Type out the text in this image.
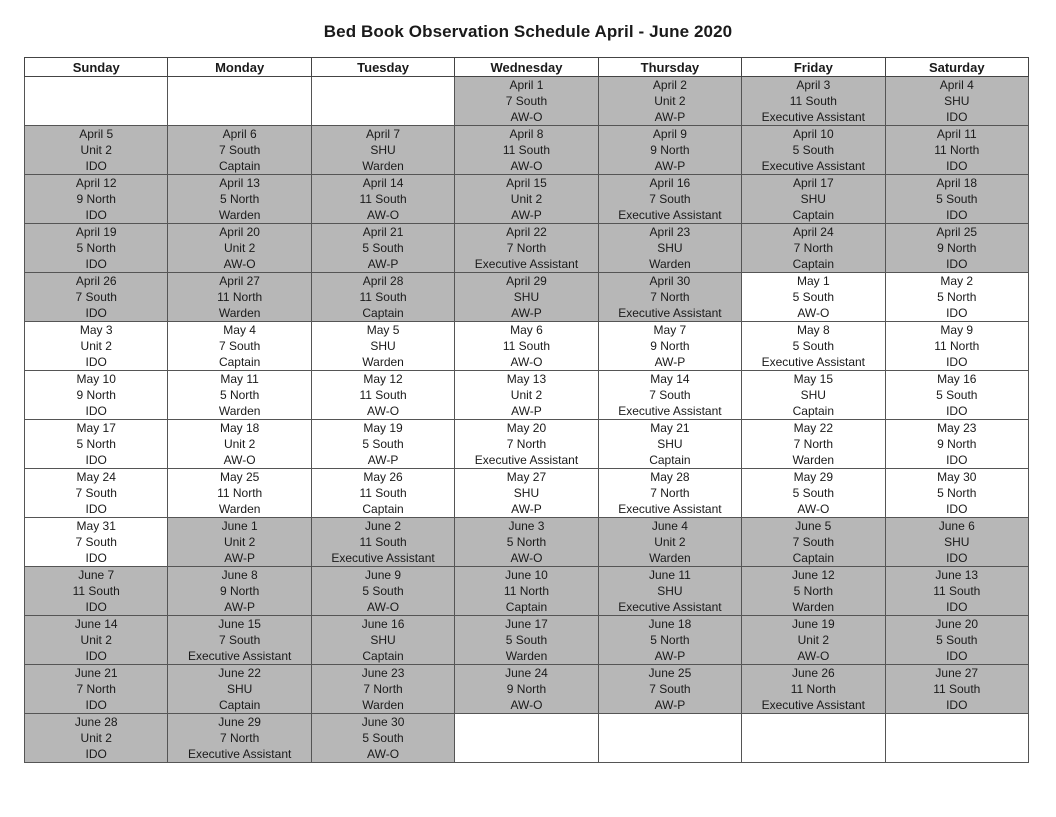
Bed Book Observation Schedule April - June 2020
Sunday	Monday	Tuesday	Wednesday	Thursday	Friday	Saturday

			April 1
7 South
AW-O	April 2
Unit 2
AW-P	April 3
11 South
Executive Assistant	April 4
SHU
IDO

April 5
Unit 2
IDO	April 6
7 South
Captain	April 7
SHU
Warden	April 8
11 South
AW-O	April 9
9 North
AW-P	April 10
5 South
Executive Assistant	April 11
11 North
IDO

April 12
9 North
IDO	April 13
5 North
Warden	April 14
11 South
AW-O	April 15
Unit 2
AW-P	April 16
7 South
Executive Assistant	April 17
SHU
Captain	April 18
5 South
IDO

April 19
5 North
IDO	April 20
Unit 2
AW-O	April 21
5 South
AW-P	April 22
7 North
Executive Assistant	April 23
SHU
Warden	April 24
7 North
Captain	April 25
9 North
IDO

April 26
7 South
IDO	April 27
11 North
Warden	April 28
11 South
Captain	April 29
SHU
AW-P	April 30
7 North
Executive Assistant	May 1
5 South
AW-O	May 2
5 North
IDO

May 3
Unit 2
IDO	May 4
7 South
Captain	May 5
SHU
Warden	May 6
11 South
AW-O	May 7
9 North
AW-P	May 8
5 South
Executive Assistant	May 9
11 North
IDO

May 10
9 North
IDO	May 11
5 North
Warden	May 12
11 South
AW-O	May 13
Unit 2
AW-P	May 14
7 South
Executive Assistant	May 15
SHU
Captain	May 16
5 South
IDO

May 17
5 North
IDO	May 18
Unit 2
AW-O	May 19
5 South
AW-P	May 20
7 North
Executive Assistant	May 21
SHU
Captain	May 22
7 North
Warden	May 23
9 North
IDO

May 24
7 South
IDO	May 25
11 North
Warden	May 26
11 South
Captain	May 27
SHU
AW-P	May 28
7 North
Executive Assistant	May 29
5 South
AW-O	May 30
5 North
IDO

May 31
7 South
IDO	June 1
Unit 2
AW-P	June 2
11 South
Executive Assistant	June 3
5 North
AW-O	June 4
Unit 2
Warden	June 5
7 South
Captain	June 6
SHU
IDO

June 7
11 South
IDO	June 8
9 North
AW-P	June 9
5 South
AW-O	June 10
11 North
Captain	June 11
SHU
Executive Assistant	June 12
5 North
Warden	June 13
11 South
IDO

June 14
Unit 2
IDO	June 15
7 South
Executive Assistant	June 16
SHU
Captain	June 17
5 South
Warden	June 18
5 North
AW-P	June 19
Unit 2
AW-O	June 20
5 South
IDO

June 21
7 North
IDO	June 22
SHU
Captain	June 23
7 North
Warden	June 24
9 North
AW-O	June 25
7 South
AW-P	June 26
11 North
Executive Assistant	June 27
11 South
IDO

June 28
Unit 2
IDO	June 29
7 North
Executive Assistant	June 30
5 South
AW-O				
